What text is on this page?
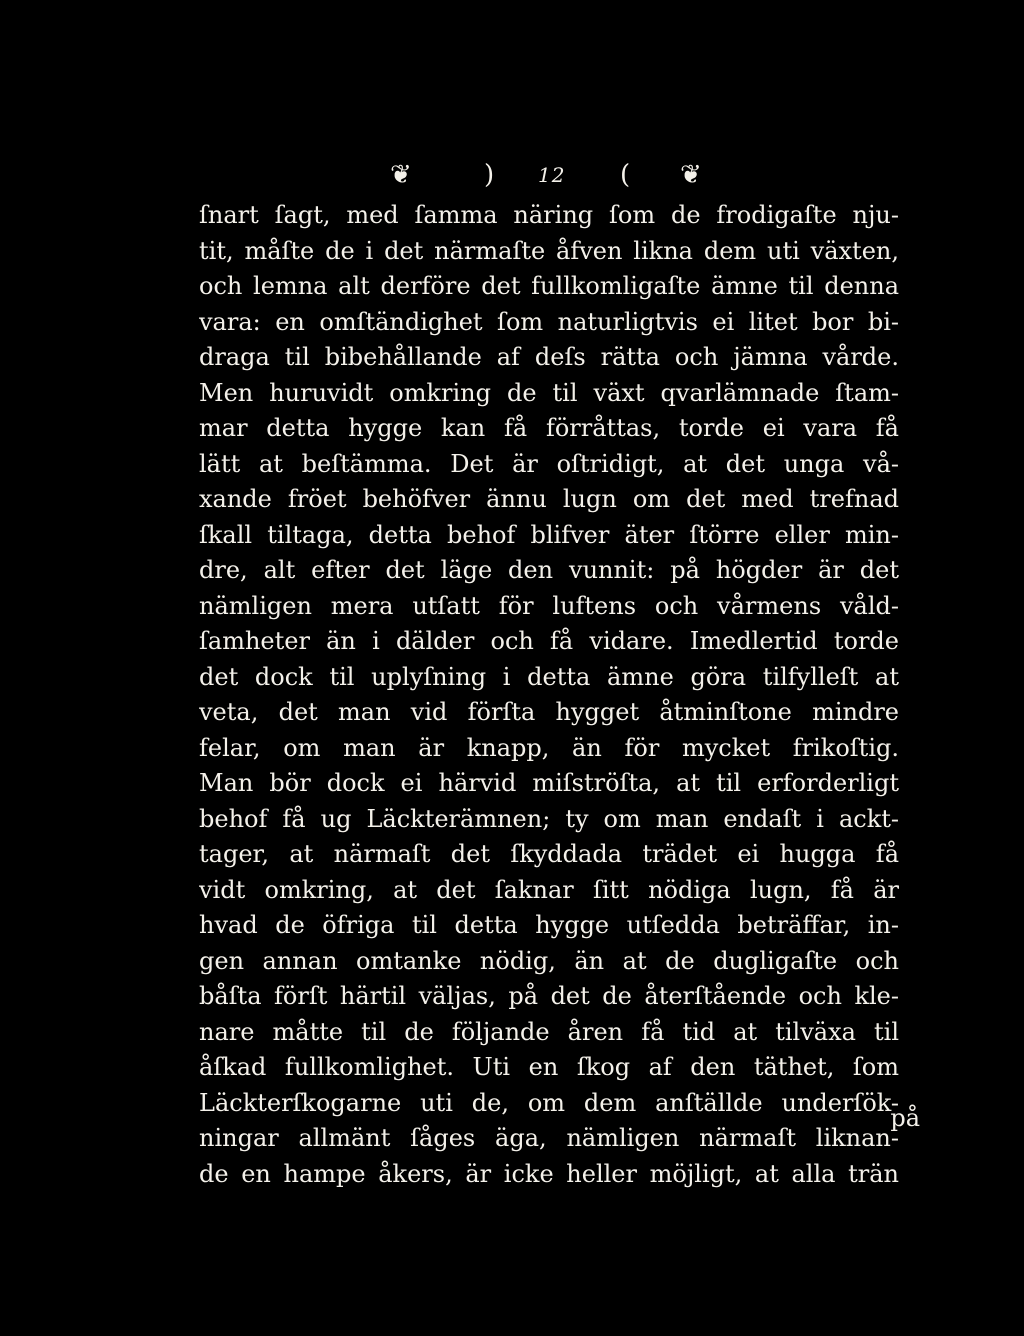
❦	) 12 ( ❦
ſnart ſagt, med ſamma näring ſom de frodigaſte nju-
tit, måſte de i det närmaſte åfven likna dem uti växten,
och lemna alt derföre det fullkomligaſte ämne til denna
vara: en omſtändighet ſom naturligtvis ei litet bor bi-
draga til bibehållande af deſs rätta och jämna vårde.
Men huruvidt omkring de til växt qvarlämnade ſtam-
mar detta hygge kan få förråttas, torde ei vara få
lätt at beſtämma. Det är oſtridigt, at det unga vå-
xande fröet behöfver ännu lugn om det med trefnad
ſkall tiltaga, detta behof blifver äter ſtörre eller min-
dre, alt efter det läge den vunnit: på högder är det
nämligen mera utſatt för luftens och vårmens våld-
ſamheter än i dälder och få vidare. Imedlertid torde
det dock til uplyſning i detta ämne göra tilfylleſt at
veta, det man vid förſta hygget åtminſtone mindre
felar, om man är knapp, än för mycket frikoſtig.
Man bör dock ei härvid miſströſta, at til erforderligt
behof få ug Läckterämnen; ty om man endaſt i ackt-
tager, at närmaſt det ſkyddada trädet ei hugga få
vidt omkring, at det ſaknar ſitt nödiga lugn, få är
hvad de öfriga til detta hygge utſedda beträffar, in-
gen annan omtanke nödig, än at de dugligaſte och
båſta förſt härtil väljas, på det de återſtående och kle-
nare måtte til de följande åren få tid at tilväxa til
åſkad fullkomlighet. Uti en ſkog af den täthet, ſom
Läckterſkogarne uti de, om dem anſtällde underſök-
ningar allmänt ſåges äga, nämligen närmaſt liknan-
de en hampe åkers, är icke heller möjligt, at alla trän
på
